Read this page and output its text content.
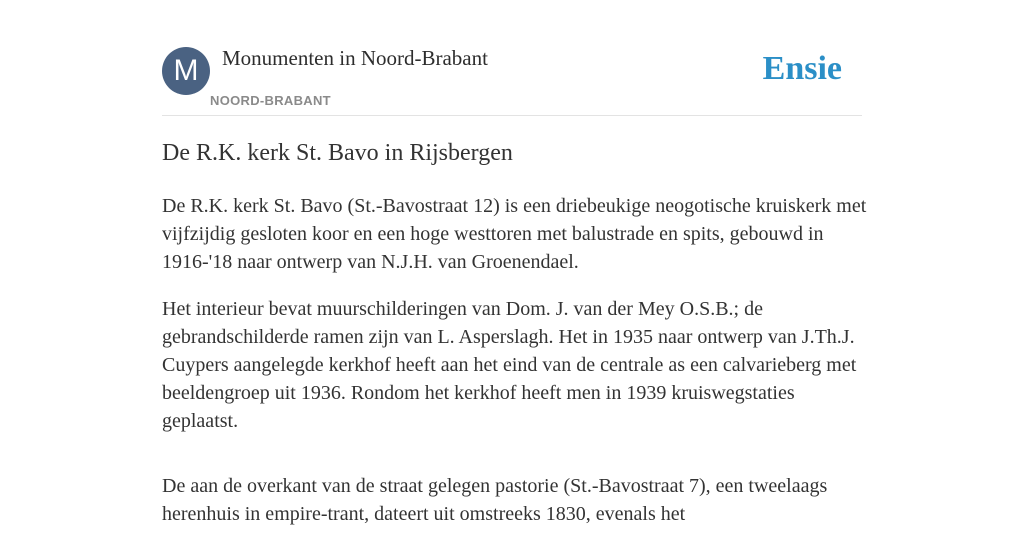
M Monumenten in Noord-Brabant
NOORD-BRABANT
Ensie
De R.K. kerk St. Bavo in Rijsbergen

De R.K. kerk St. Bavo (St.-Bavostraat 12) is een driebeukige neogotische kruiskerk met vijfzijdig gesloten koor en een hoge westtoren met balustrade en spits, gebouwd in 1916-'18 naar ontwerp van N.J.H. van Groenendael.

Het interieur bevat muurschilderingen van Dom. J. van der Mey O.S.B.; de gebrandschilderde ramen zijn van L. Asperslagh. Het in 1935 naar ontwerp van J.Th.J. Cuypers aangelegde kerkhof heeft aan het eind van de centrale as een calvarieberg met beeldengroep uit 1936. Rondom het kerkhof heeft men in 1939 kruiswegstaties geplaatst.

De aan de overkant van de straat gelegen pastorie (St.-Bavostraat 7), een tweelaags herenhuis in empire-trant, dateert uit omstreeks 1830, evenals het
